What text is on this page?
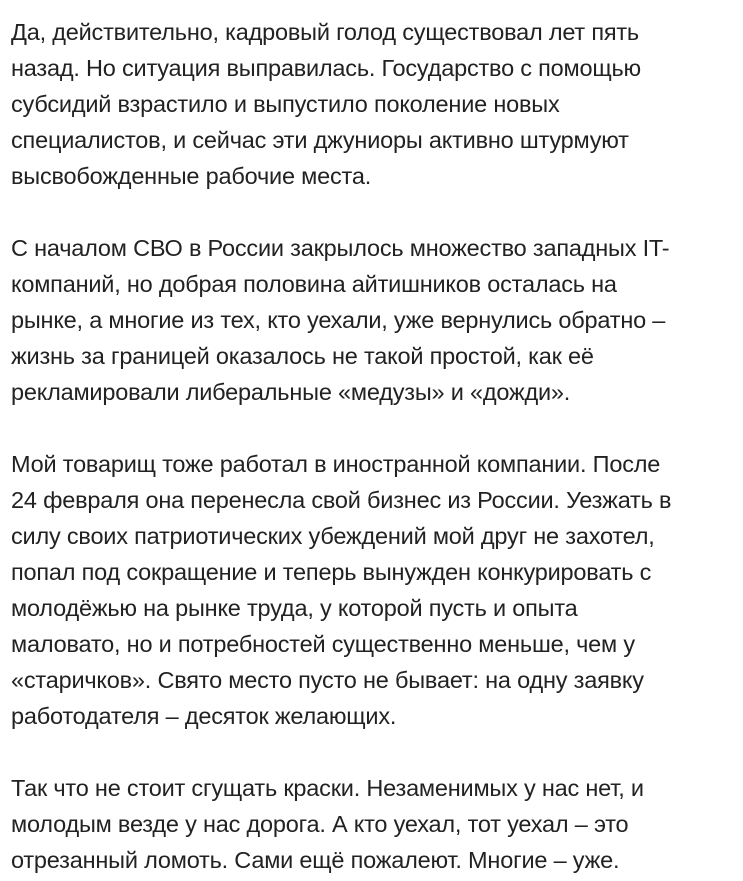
Да, действительно, кадровый голод существовал лет пять
назад. Но ситуация выправилась. Государство с помощью
субсидий взрастило и выпустило поколение новых
специалистов, и сейчас эти джуниоры активно штурмуют
высвобожденные рабочие места.

С началом СВО в России закрылось множество западных IT-
компаний, но добрая половина айтишников осталась на
рынке, а многие из тех, кто уехали, уже вернулись обратно –
жизнь за границей оказалось не такой простой, как её
рекламировали либеральные «медузы» и «дожди».

Мой товарищ тоже работал в иностранной компании. После
24 февраля она перенесла свой бизнес из России. Уезжать в
силу своих патриотических убеждений мой друг не захотел,
попал под сокращение и теперь вынужден конкурировать с
молодёжью на рынке труда, у которой пусть и опыта
маловато, но и потребностей существенно меньше, чем у
«старичков». Свято место пусто не бывает: на одну заявку
работодателя – десяток желающих.

Так что не стоит сгущать краски. Незаменимых у нас нет, и
молодым везде у нас дорога. А кто уехал, тот уехал – это
отрезанный ломоть. Сами ещё пожалеют. Многие – уже.
